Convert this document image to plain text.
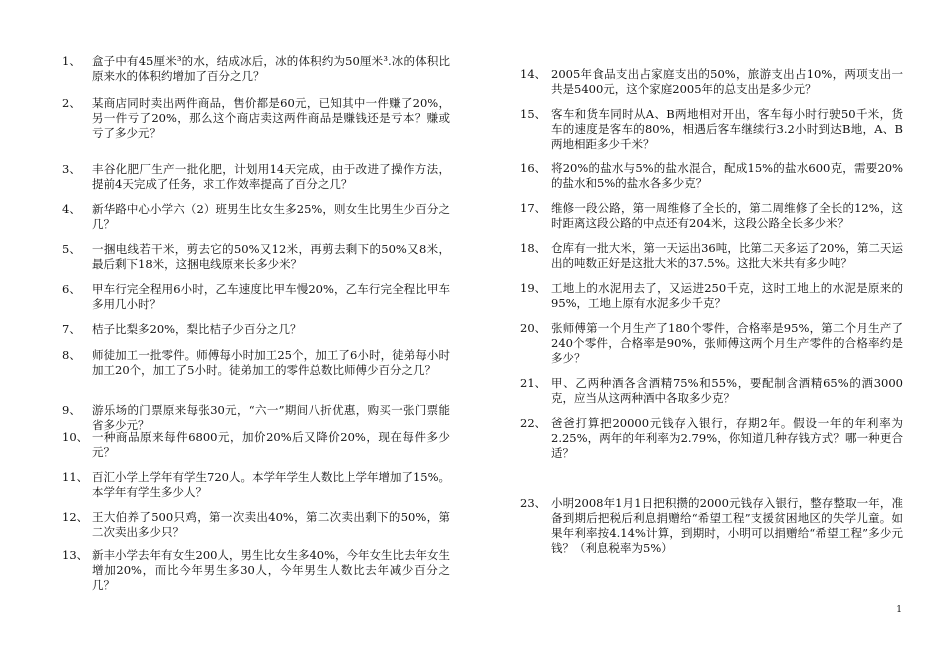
1、 盒子中有45厘米³的水，结成冰后，冰的体积约为50厘米³.冰的体积比原来水的体积约增加了百分之几？
2、 某商店同时卖出两件商品，售价都是60元，已知其中一件赚了20%，另一件亏了20%，那么这个商店卖这两件商品是赚钱还是亏本？赚或亏了多少元？
3、 丰谷化肥厂生产一批化肥，计划用14天完成，由于改进了操作方法，提前4天完成了任务，求工作效率提高了百分之几？
4、 新华路中心小学六（2）班男生比女生多25%，则女生比男生少百分之几？
5、 一捆电线若干米，剪去它的50%又12米，再剪去剩下的50%又8米，最后剩下18米，这捆电线原来长多少米？
6、 甲车行完全程用6小时，乙车速度比甲车慢20%，乙车行完全程比甲车多用几小时？
7、 桔子比梨多20%，梨比桔子少百分之几？
8、 师徒加工一批零件。师傅每小时加工25个，加工了6小时，徒弟每小时加工20个，加工了5小时。徒弟加工的零件总数比师傅少百分之几？
9、 游乐场的门票原来每张30元，“六一”期间八折优惠，购买一张门票能省多少元？
10、 一种商品原来每件6800元，加价20%后又降价20%，现在每件多少元？
11、 百汇小学上学年有学生720人。本学年学生人数比上学年增加了15%。本学年有学生多少人？
12、 王大伯养了500只鸡，第一次卖出40%，第二次卖出剩下的50%，第二次卖出多少只？
13、 新丰小学去年有女生200人，男生比女生多40%，今年女生比去年女生增加20%，而比今年男生多30人，今年男生人数比去年减少百分之几？
14、 2005年食品支出占家庭支出的50%，旅游支出占10%，两项支出一共是5400元，这个家庭2005年的总支出是多少元？
15、 客车和货车同时从A、B两地相对开出，客车每小时行驶50千米，货车的速度是客车的80%，相遇后客车继续行3.2小时到达B地，A、B两地相距多少千米？
16、 将20%的盐水与5%的盐水混合，配成15%的盐水600克，需要20%的盐水和5%的盐水各多少克？
17、 维修一段公路，第一周维修了全长的，第二周维修了全长的12%，这时距离这段公路的中点还有204米，这段公路全长多少米？
18、 仓库有一批大米，第一天运出36吨，比第二天多运了20%，第二天运出的吨数正好是这批大米的37.5%。这批大米共有多少吨？
19、 工地上的水泥用去了，又运进250千克，这时工地上的水泥是原来的95%，工地上原有水泥多少千克？
20、 张师傅第一个月生产了180个零件，合格率是95%，第二个月生产了240个零件，合格率是90%，张师傅这两个月生产零件的合格率约是多少？
21、 甲、乙两种酒各含酒精75%和55%，要配制含酒精65%的酒3000克，应当从这两种酒中各取多少克？
22、 爸爸打算把20000元钱存入银行，存期2年。假设一年的年利率为2.25%，两年的年利率为2.79%，你知道几种存钱方式？哪一种更合适？
23、 小明2008年1月1日把积攒的2000元钱存入银行，整存整取一年，准备到期后把税后利息捐赠给“希望工程”支援贫困地区的失学儿童。如果年利率按4.14%计算，到期时，小明可以捐赠给“希望工程”多少元钱？（利息税率为5%）
1
